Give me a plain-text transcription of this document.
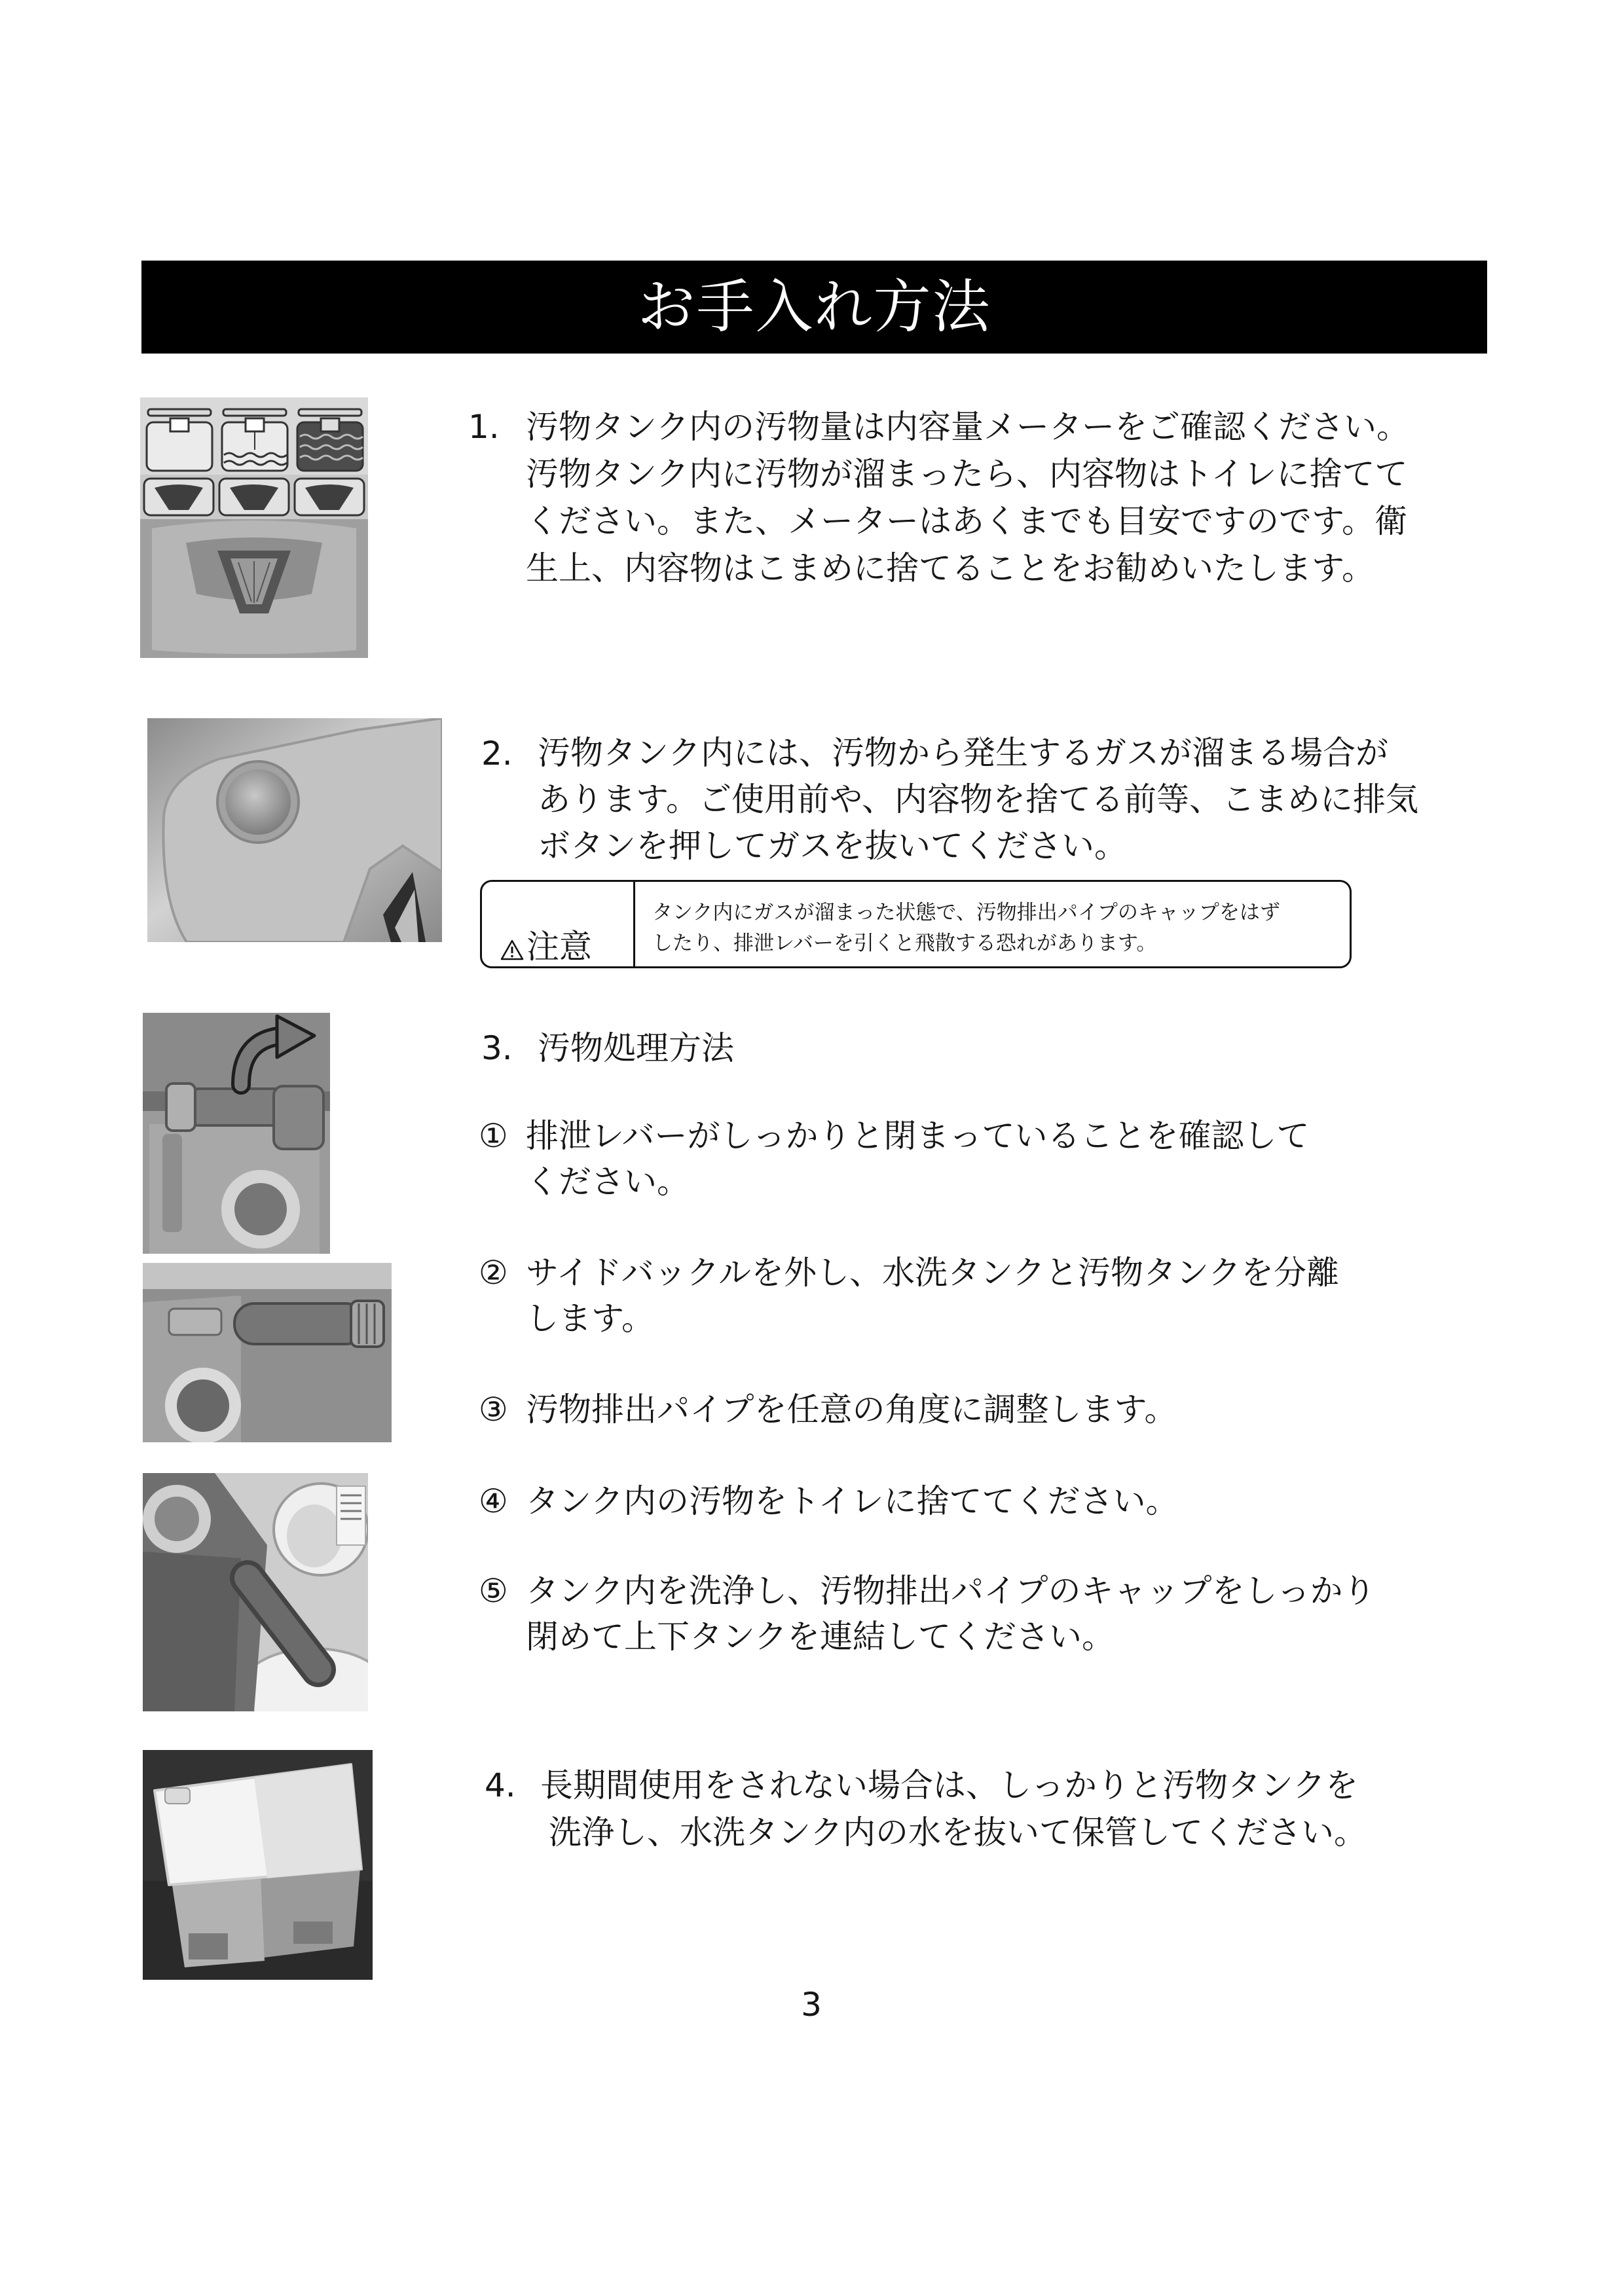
お手入れ方法
1. 汚物タンク内の汚物量は内容量メーターをご確認ください。
汚物タンク内に汚物が溜まったら、内容物はトイレに捨てて
ください。また、メーターはあくまでも目安ですのです。衛
生上、内容物はこまめに捨てることをお勧めいたします。
2. 汚物タンク内には、汚物から発生するガスが溜まる場合が
あります。ご使用前や、内容物を捨てる前等、こまめに排気
ボタンを押してガスを抜いてください。
注意
タンク内にガスが溜まった状態で、汚物排出パイプのキャップをはず
したり、排泄レバーを引くと飛散する恐れがあります。
3. 汚物処理方法
① 排泄レバーがしっかりと閉まっていることを確認して
ください。
② サイドバックルを外し、水洗タンクと汚物タンクを分離
します。
③ 汚物排出パイプを任意の角度に調整します。
④ タンク内の汚物をトイレに捨ててください。
⑤ タンク内を洗浄し、汚物排出パイプのキャップをしっかり
閉めて上下タンクを連結してください。
4. 長期間使用をされない場合は、しっかりと汚物タンクを
洗浄し、水洗タンク内の水を抜いて保管してください。
3
